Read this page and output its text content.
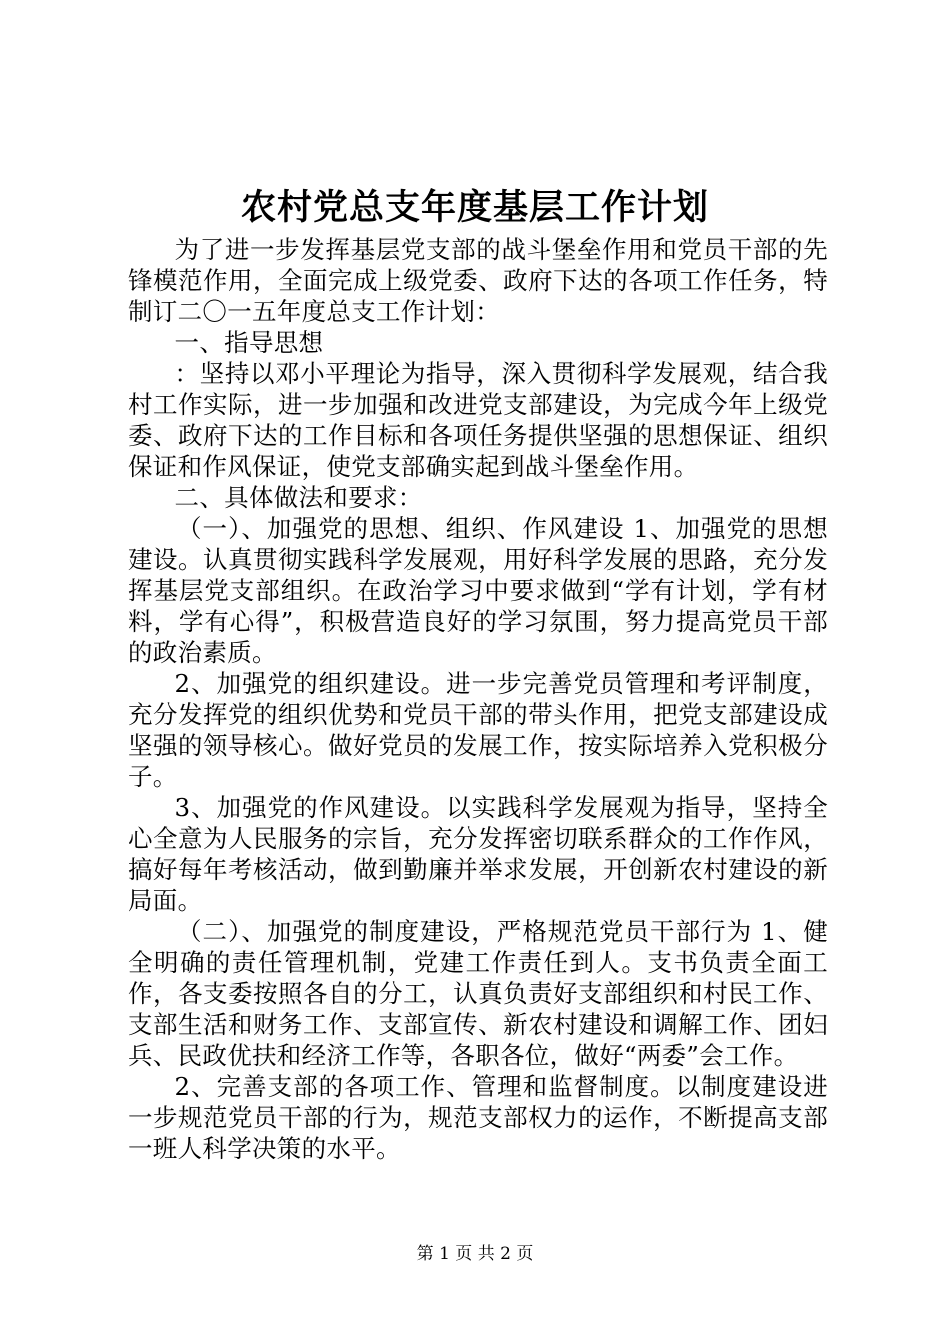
农村党总支年度基层工作计划

为了进一步发挥基层党支部的战斗堡垒作用和党员干部的先锋模范作用，全面完成上级党委、政府下达的各项工作任务，特制订二〇一五年度总支工作计划：

一、指导思想

：坚持以邓小平理论为指导，深入贯彻科学发展观，结合我村工作实际，进一步加强和改进党支部建设，为完成今年上级党委、政府下达的工作目标和各项任务提供坚强的思想保证、组织保证和作风保证，使党支部确实起到战斗堡垒作用。

二、具体做法和要求：

（一）、加强党的思想、组织、作风建设 1、加强党的思想建设。认真贯彻实践科学发展观，用好科学发展的思路，充分发挥基层党支部组织。在政治学习中要求做到“学有计划，学有材料，学有心得”，积极营造良好的学习氛围，努力提高党员干部的政治素质。

2、加强党的组织建设。进一步完善党员管理和考评制度，充分发挥党的组织优势和党员干部的带头作用，把党支部建设成坚强的领导核心。做好党员的发展工作，按实际培养入党积极分子。

3、加强党的作风建设。以实践科学发展观为指导，坚持全心全意为人民服务的宗旨，充分发挥密切联系群众的工作作风，搞好每年考核活动，做到勤廉并举求发展，开创新农村建设的新局面。

（二）、加强党的制度建设，严格规范党员干部行为 1、健全明确的责任管理机制，党建工作责任到人。支书负责全面工作，各支委按照各自的分工，认真负责好支部组织和村民工作、支部生活和财务工作、支部宣传、新农村建设和调解工作、团妇兵、民政优扶和经济工作等，各职各位，做好“两委”会工作。

2、完善支部的各项工作、管理和监督制度。以制度建设进一步规范党员干部的行为，规范支部权力的运作，不断提高支部一班人科学决策的水平。

第 1 页 共 2 页
